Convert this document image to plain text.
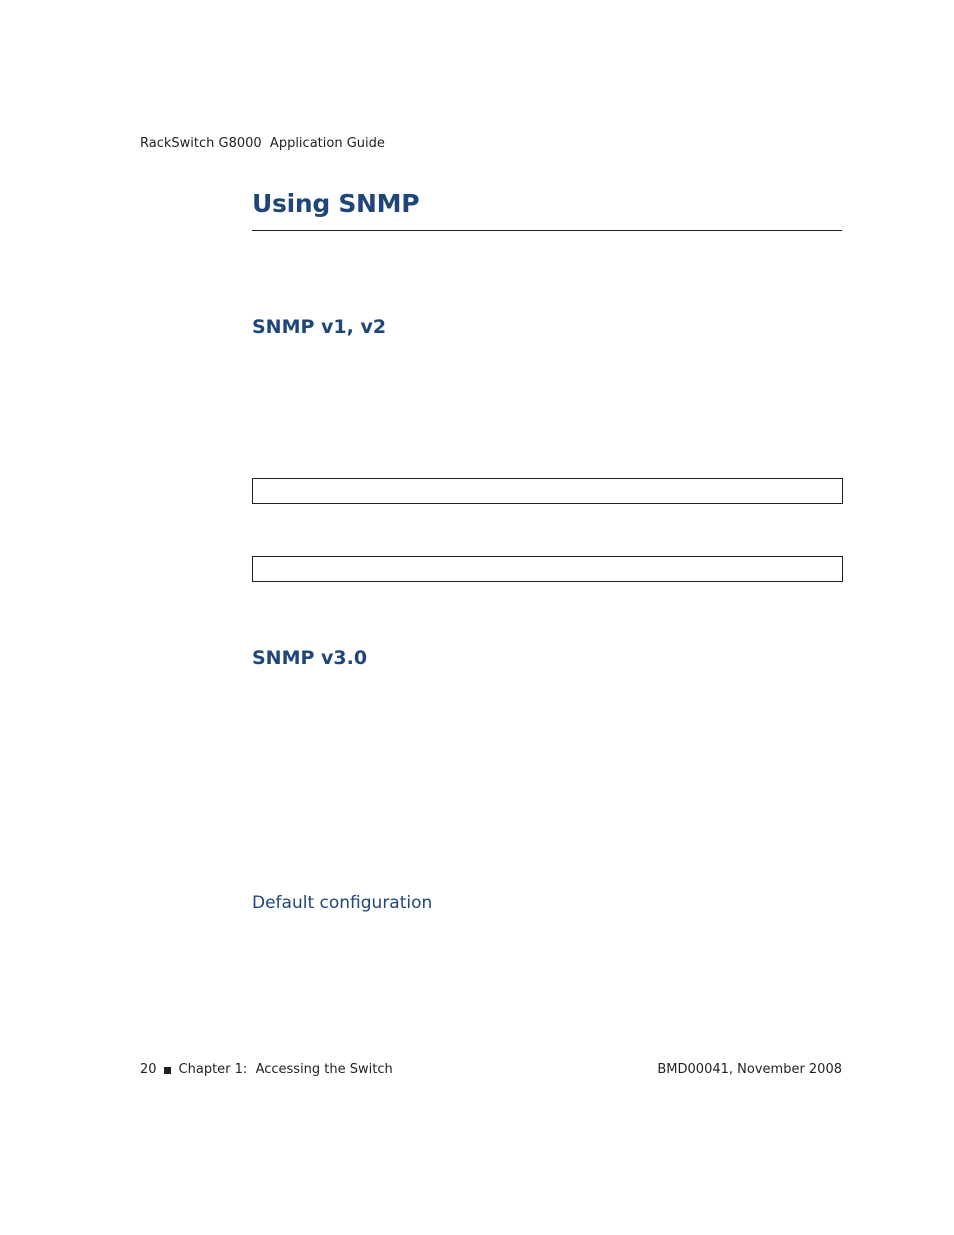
RackSwitch G8000  Application Guide
Using SNMP
SNMP v1, v2
SNMP v3.0
Default configuration
20 Chapter 1:  Accessing the Switch	BMD00041, November 2008
